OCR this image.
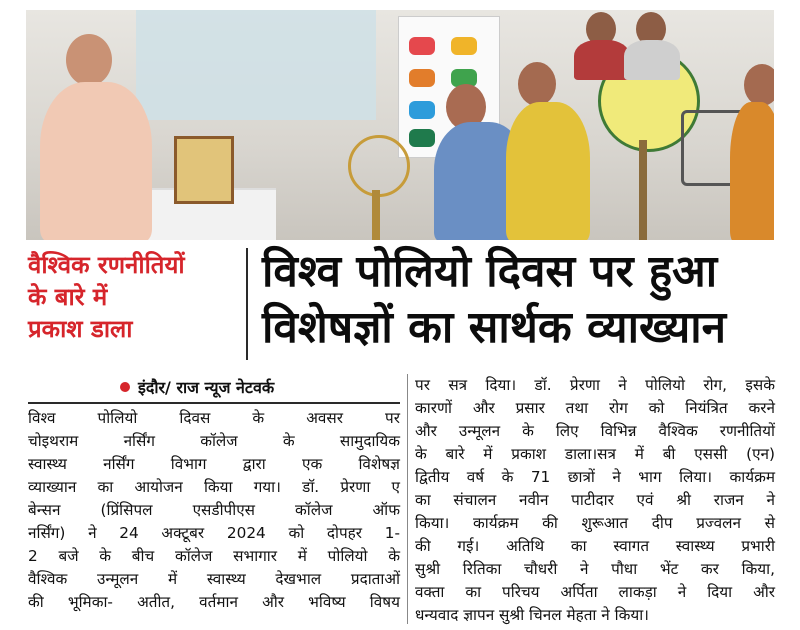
वैश्विक रणनीतियों
के बारे में
प्रकाश डाला
विश्व पोलियो दिवस पर हुआ
विशेषज्ञों का सार्थक व्याख्यान
इंदौर/ राज न्यूज नेटवर्क
विश्व पोलियो दिवस के अवसर पर
चोइथराम नर्सिंग कॉलेज के सामुदायिक
स्वास्थ्य नर्सिंग विभाग द्वारा एक विशेषज्ञ
व्याख्यान का आयोजन किया गया। डॉ. प्रेरणा ए
बेन्सन (प्रिंसिपल एसडीपीएस कॉलेज ऑफ
नर्सिंग) ने 24 अक्टूबर 2024 को दोपहर 1-
2 बजे के बीच कॉलेज सभागार में पोलियो के
वैश्विक उन्मूलन में स्वास्थ्य देखभाल प्रदाताओं
की भूमिका- अतीत, वर्तमान और भविष्य विषय
पर सत्र दिया। डॉ. प्रेरणा ने पोलियो रोग, इसके
कारणों और प्रसार तथा रोग को नियंत्रित करने
और उन्मूलन के लिए विभिन्न वैश्विक रणनीतियों
के बारे में प्रकाश डाला।सत्र में बी एससी (एन)
द्वितीय वर्ष के 71 छात्रों ने भाग लिया। कार्यक्रम
का संचालन नवीन पाटीदार एवं श्री राजन ने
किया। कार्यक्रम की शुरूआत दीप प्रज्वलन से
की गई। अतिथि का स्वागत स्वास्थ्य प्रभारी
सुश्री रितिका चौधरी ने पौधा भेंट कर किया,
वक्ता का परिचय अर्पिता लाकड़ा ने दिया और
धन्यवाद ज्ञापन सुश्री चिनल मेहता ने किया।
